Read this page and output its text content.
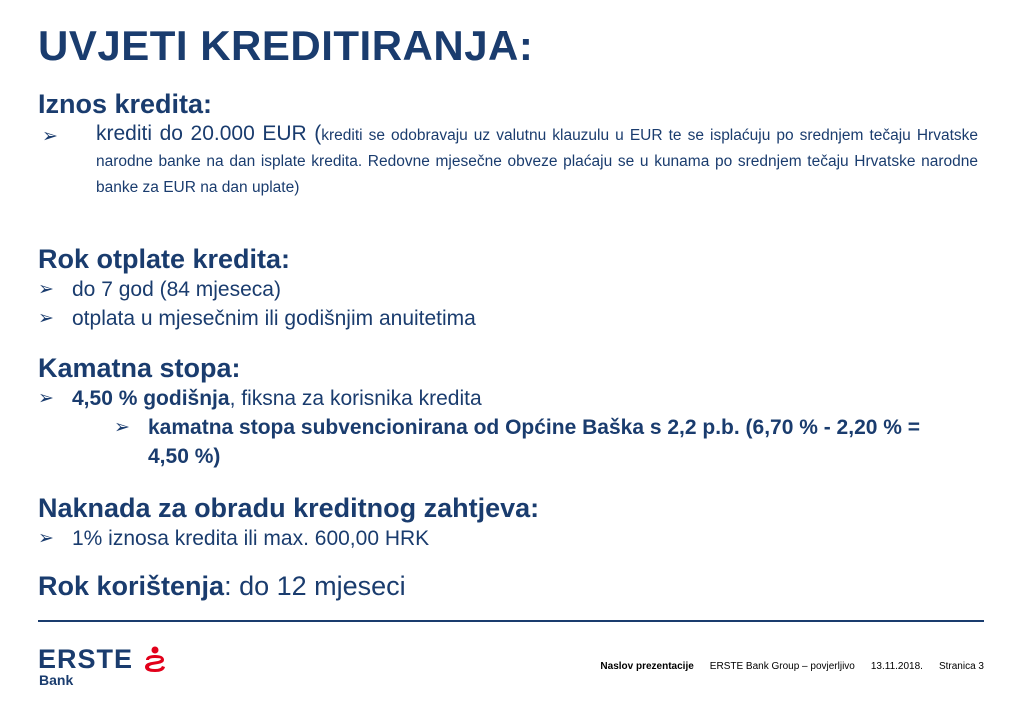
UVJETI KREDITIRANJA:
Iznos kredita:
➢	krediti do 20.000 EUR (krediti se odobravaju uz valutnu klauzulu u EUR te se isplaćuju po srednjem tečaju Hrvatske narodne banke na dan isplate kredita. Redovne mjesečne obveze plaćaju se u kunama po srednjem tečaju Hrvatske narodne banke za EUR na dan uplate)
Rok otplate kredita:
➢ do 7 god (84 mjeseca)
➢ otplata u mjesečnim ili godišnjim anuitetima
Kamatna stopa:
➢ 4,50 % godišnja, fiksna za korisnika kredita
➢ kamatna stopa subvencionirana od Općine Baška s 2,2 p.b. (6,70 % - 2,20 % = 4,50 %)
Naknada za obradu kreditnog zahtjeva:
➢ 1% iznosa kredita ili max. 600,00 HRK
Rok korištenja: do 12 mjeseci
ERSTE
Bank
Naslov prezentacije ERSTE Bank Group – povjerljivo 13.11.2018. Stranica 3
